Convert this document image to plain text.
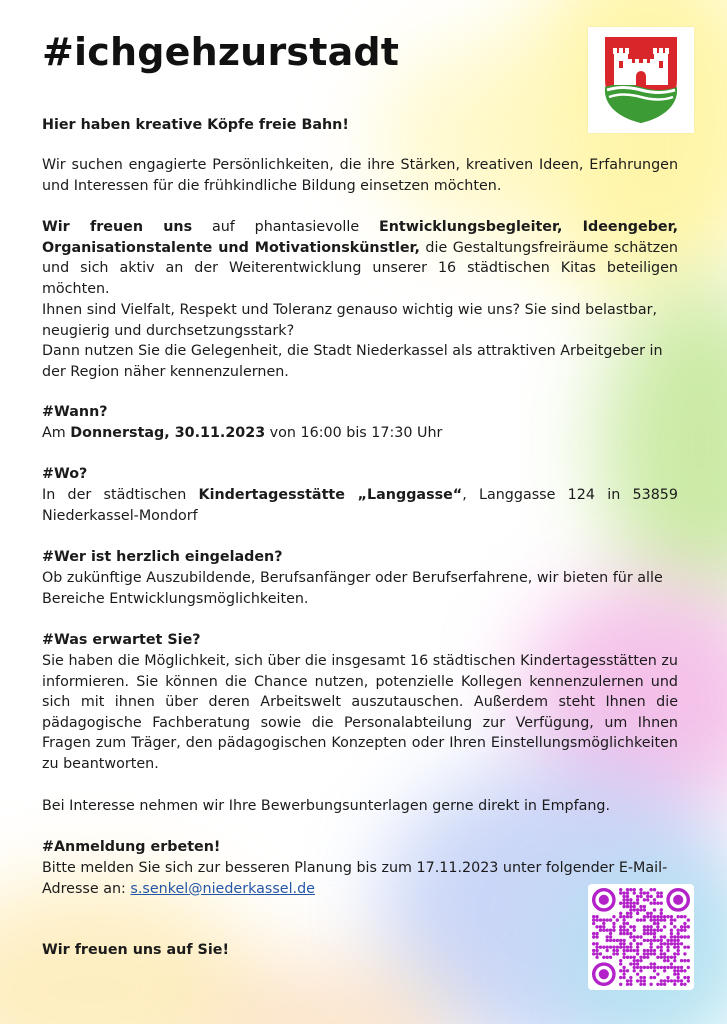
#ichgehzurstadt

Hier haben kreative Köpfe freie Bahn!

Wir suchen engagierte Persönlichkeiten, die ihre Stärken, kreativen Ideen, Erfahrungen und Interessen für die frühkindliche Bildung einsetzen möchten.

Wir freuen uns auf phantasievolle Entwicklungsbegleiter, Ideengeber, Organisationstalente und Motivationskünstler, die Gestaltungsfreiräume schätzen und sich aktiv an der Weiterentwicklung unserer 16 städtischen Kitas beteiligen möchten.

Ihnen sind Vielfalt, Respekt und Toleranz genauso wichtig wie uns? Sie sind belastbar, neugierig und durchsetzungsstark?

Dann nutzen Sie die Gelegenheit, die Stadt Niederkassel als attraktiven Arbeitgeber in der Region näher kennenzulernen.

#Wann?

Am Donnerstag, 30.11.2023 von 16:00 bis 17:30 Uhr

#Wo?

In der städtischen Kindertagesstätte „Langgasse“, Langgasse 124 in 53859 Niederkassel-Mondorf

#Wer ist herzlich eingeladen?

Ob zukünftige Auszubildende, Berufsanfänger oder Berufserfahrene, wir bieten für alle Bereiche Entwicklungsmöglichkeiten.

#Was erwartet Sie?

Sie haben die Möglichkeit, sich über die insgesamt 16 städtischen Kindertagesstätten zu informieren. Sie können die Chance nutzen, potenzielle Kollegen kennenzulernen und sich mit ihnen über deren Arbeitswelt auszutauschen. Außerdem steht Ihnen die pädagogische Fachberatung sowie die Personalabteilung zur Verfügung, um Ihnen Fragen zum Träger, den pädagogischen Konzepten oder Ihren Einstellungsmöglichkeiten zu beantworten.

Bei Interesse nehmen wir Ihre Bewerbungsunterlagen gerne direkt in Empfang.

#Anmeldung erbeten!

Bitte melden Sie sich zur besseren Planung bis zum 17.11.2023 unter folgender E-Mail-Adresse an: s.senkel@niederkassel.de

Wir freuen uns auf Sie!
